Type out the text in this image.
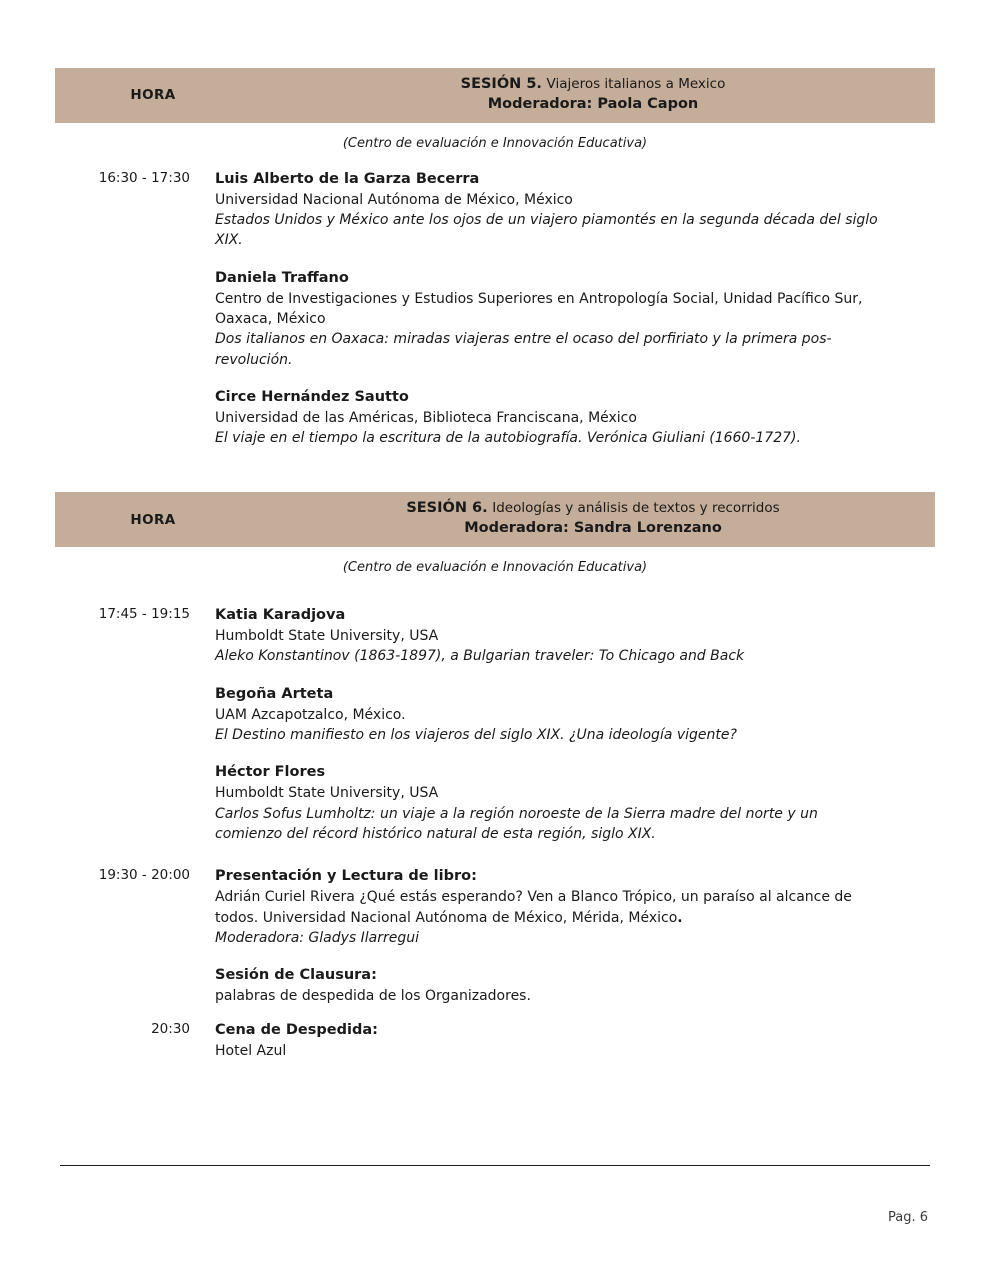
HORA
SESIÓN 5. Viajeros italianos a Mexico
Moderadora: Paola Capon
(Centro de evaluación e Innovación Educativa)
16:30 - 17:30	Luis Alberto de la Garza Becerra
Universidad Nacional Autónoma de México, México
Estados Unidos y México ante los ojos de un viajero piamontés en la segunda década del siglo XIX.
Daniela Traffano
Centro de Investigaciones y Estudios Superiores en Antropología Social, Unidad Pacífico Sur, Oaxaca, México
Dos italianos en Oaxaca: miradas viajeras entre el ocaso del porfiriato y la primera pos-revolución.
Circe Hernández Sautto
Universidad de las Américas, Biblioteca Franciscana, México
El viaje en el tiempo la escritura de la autobiografía. Verónica Giuliani (1660-1727).
HORA
SESIÓN 6. Ideologías y análisis de textos y recorridos
Moderadora: Sandra Lorenzano
(Centro de evaluación e Innovación Educativa)
17:45 - 19:15	Katia Karadjova
Humboldt State University, USA
Aleko Konstantinov (1863-1897), a Bulgarian traveler: To Chicago and Back
Begoña Arteta
UAM Azcapotzalco, México.
El Destino manifiesto en los viajeros del siglo XIX. ¿Una ideología vigente?
Héctor Flores
Humboldt State University, USA
Carlos Sofus Lumholtz: un viaje a la región noroeste de la Sierra madre del norte y un comienzo del récord histórico natural de esta región, siglo XIX.
19:30 - 20:00	Presentación y Lectura de libro:
Adrián Curiel Rivera ¿Qué estás esperando? Ven a Blanco Trópico, un paraíso al alcance de todos. Universidad Nacional Autónoma de México, Mérida, México.
Moderadora: Gladys Ilarregui
Sesión de Clausura:
palabras de despedida de los Organizadores.
20:30	Cena de Despedida:
Hotel Azul
Pag. 6
